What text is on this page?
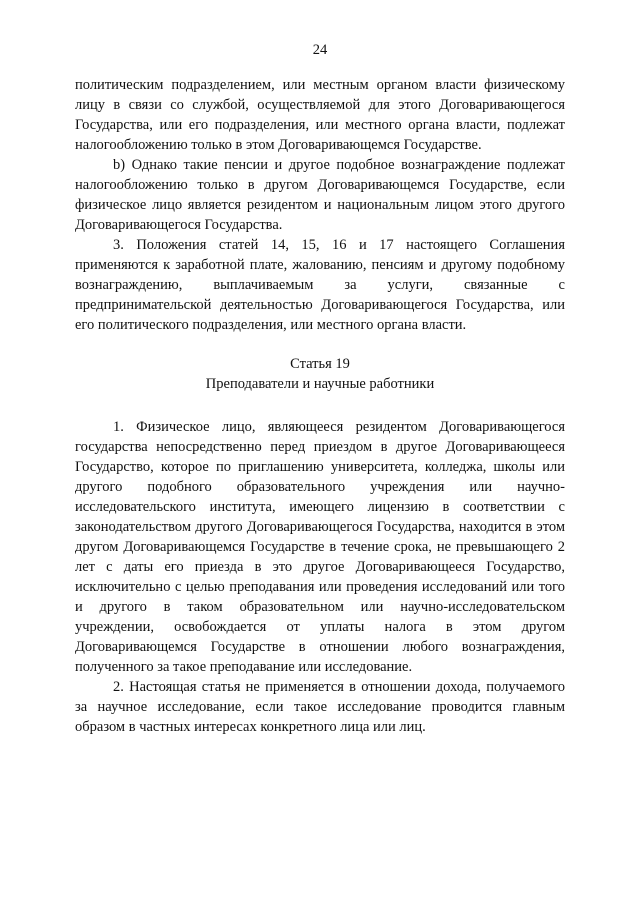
24

политическим подразделением, или местным органом власти физическому лицу в связи со службой, осуществляемой для этого Договаривающегося Государства, или его подразделения, или местного органа власти, подлежат налогообложению только в этом Договаривающемся Государстве.

b) Однако такие пенсии и другое подобное вознаграждение подлежат налогообложению только в другом Договаривающемся Государстве, если физическое лицо является резидентом и национальным лицом этого другого Договаривающегося Государства.

3. Положения статей 14, 15, 16 и 17 настоящего Соглашения применяются к заработной плате, жалованию, пенсиям и другому подобному вознаграждению, выплачиваемым за услуги, связанные с предпринимательской деятельностью Договаривающегося Государства, или его политического подразделения, или местного органа власти.

Статья 19
Преподаватели и научные работники

1. Физическое лицо, являющееся резидентом Договаривающегося государства непосредственно перед приездом в другое Договаривающееся Государство, которое по приглашению университета, колледжа, школы или другого подобного образовательного учреждения или научно-исследовательского института, имеющего лицензию в соответствии с законодательством другого Договаривающегося Государства, находится в этом другом Договаривающемся Государстве в течение срока, не превышающего 2 лет с даты его приезда в это другое Договаривающееся Государство, исключительно с целью преподавания или проведения исследований или того и другого в таком образовательном или научно-исследовательском учреждении, освобождается от уплаты налога в этом другом Договаривающемся Государстве в отношении любого вознаграждения, полученного за такое преподавание или исследование.

2. Настоящая статья не применяется в отношении дохода, получаемого за научное исследование, если такое исследование проводится главным образом в частных интересах конкретного лица или лиц.
